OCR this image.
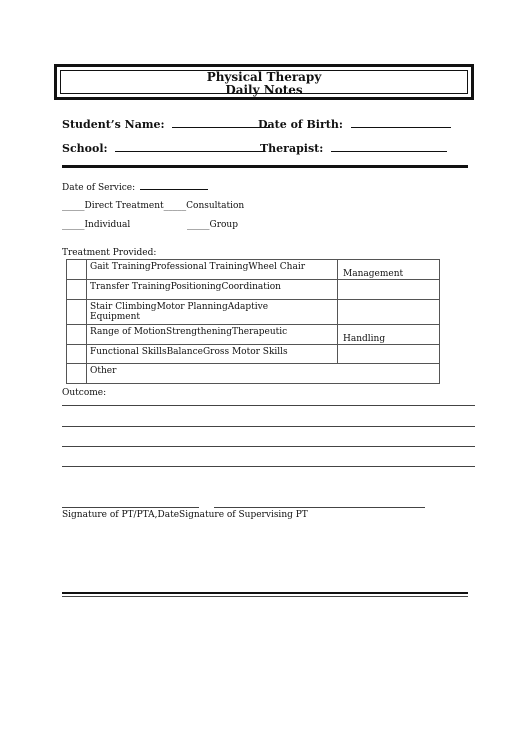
Physical Therapy
Daily Notes
Student’s Name:	Date of Birth:
School:	Therapist:
Date of Service:
_____Direct Treatment_____Consultation
_____Individual	_____Group
Treatment Provided:
	Gait TrainingProfessional TrainingWheel Chair		Management
	Transfer TrainingPositioningCoordination		
	Stair ClimbingMotor PlanningAdaptive Equipment		
	Range of MotionStrengtheningTherapeutic		Handling
	Functional SkillsBalanceGross Motor Skills		
	Other		
Outcome:
Signature of PT/PTA,DateSignature of Supervising PT
